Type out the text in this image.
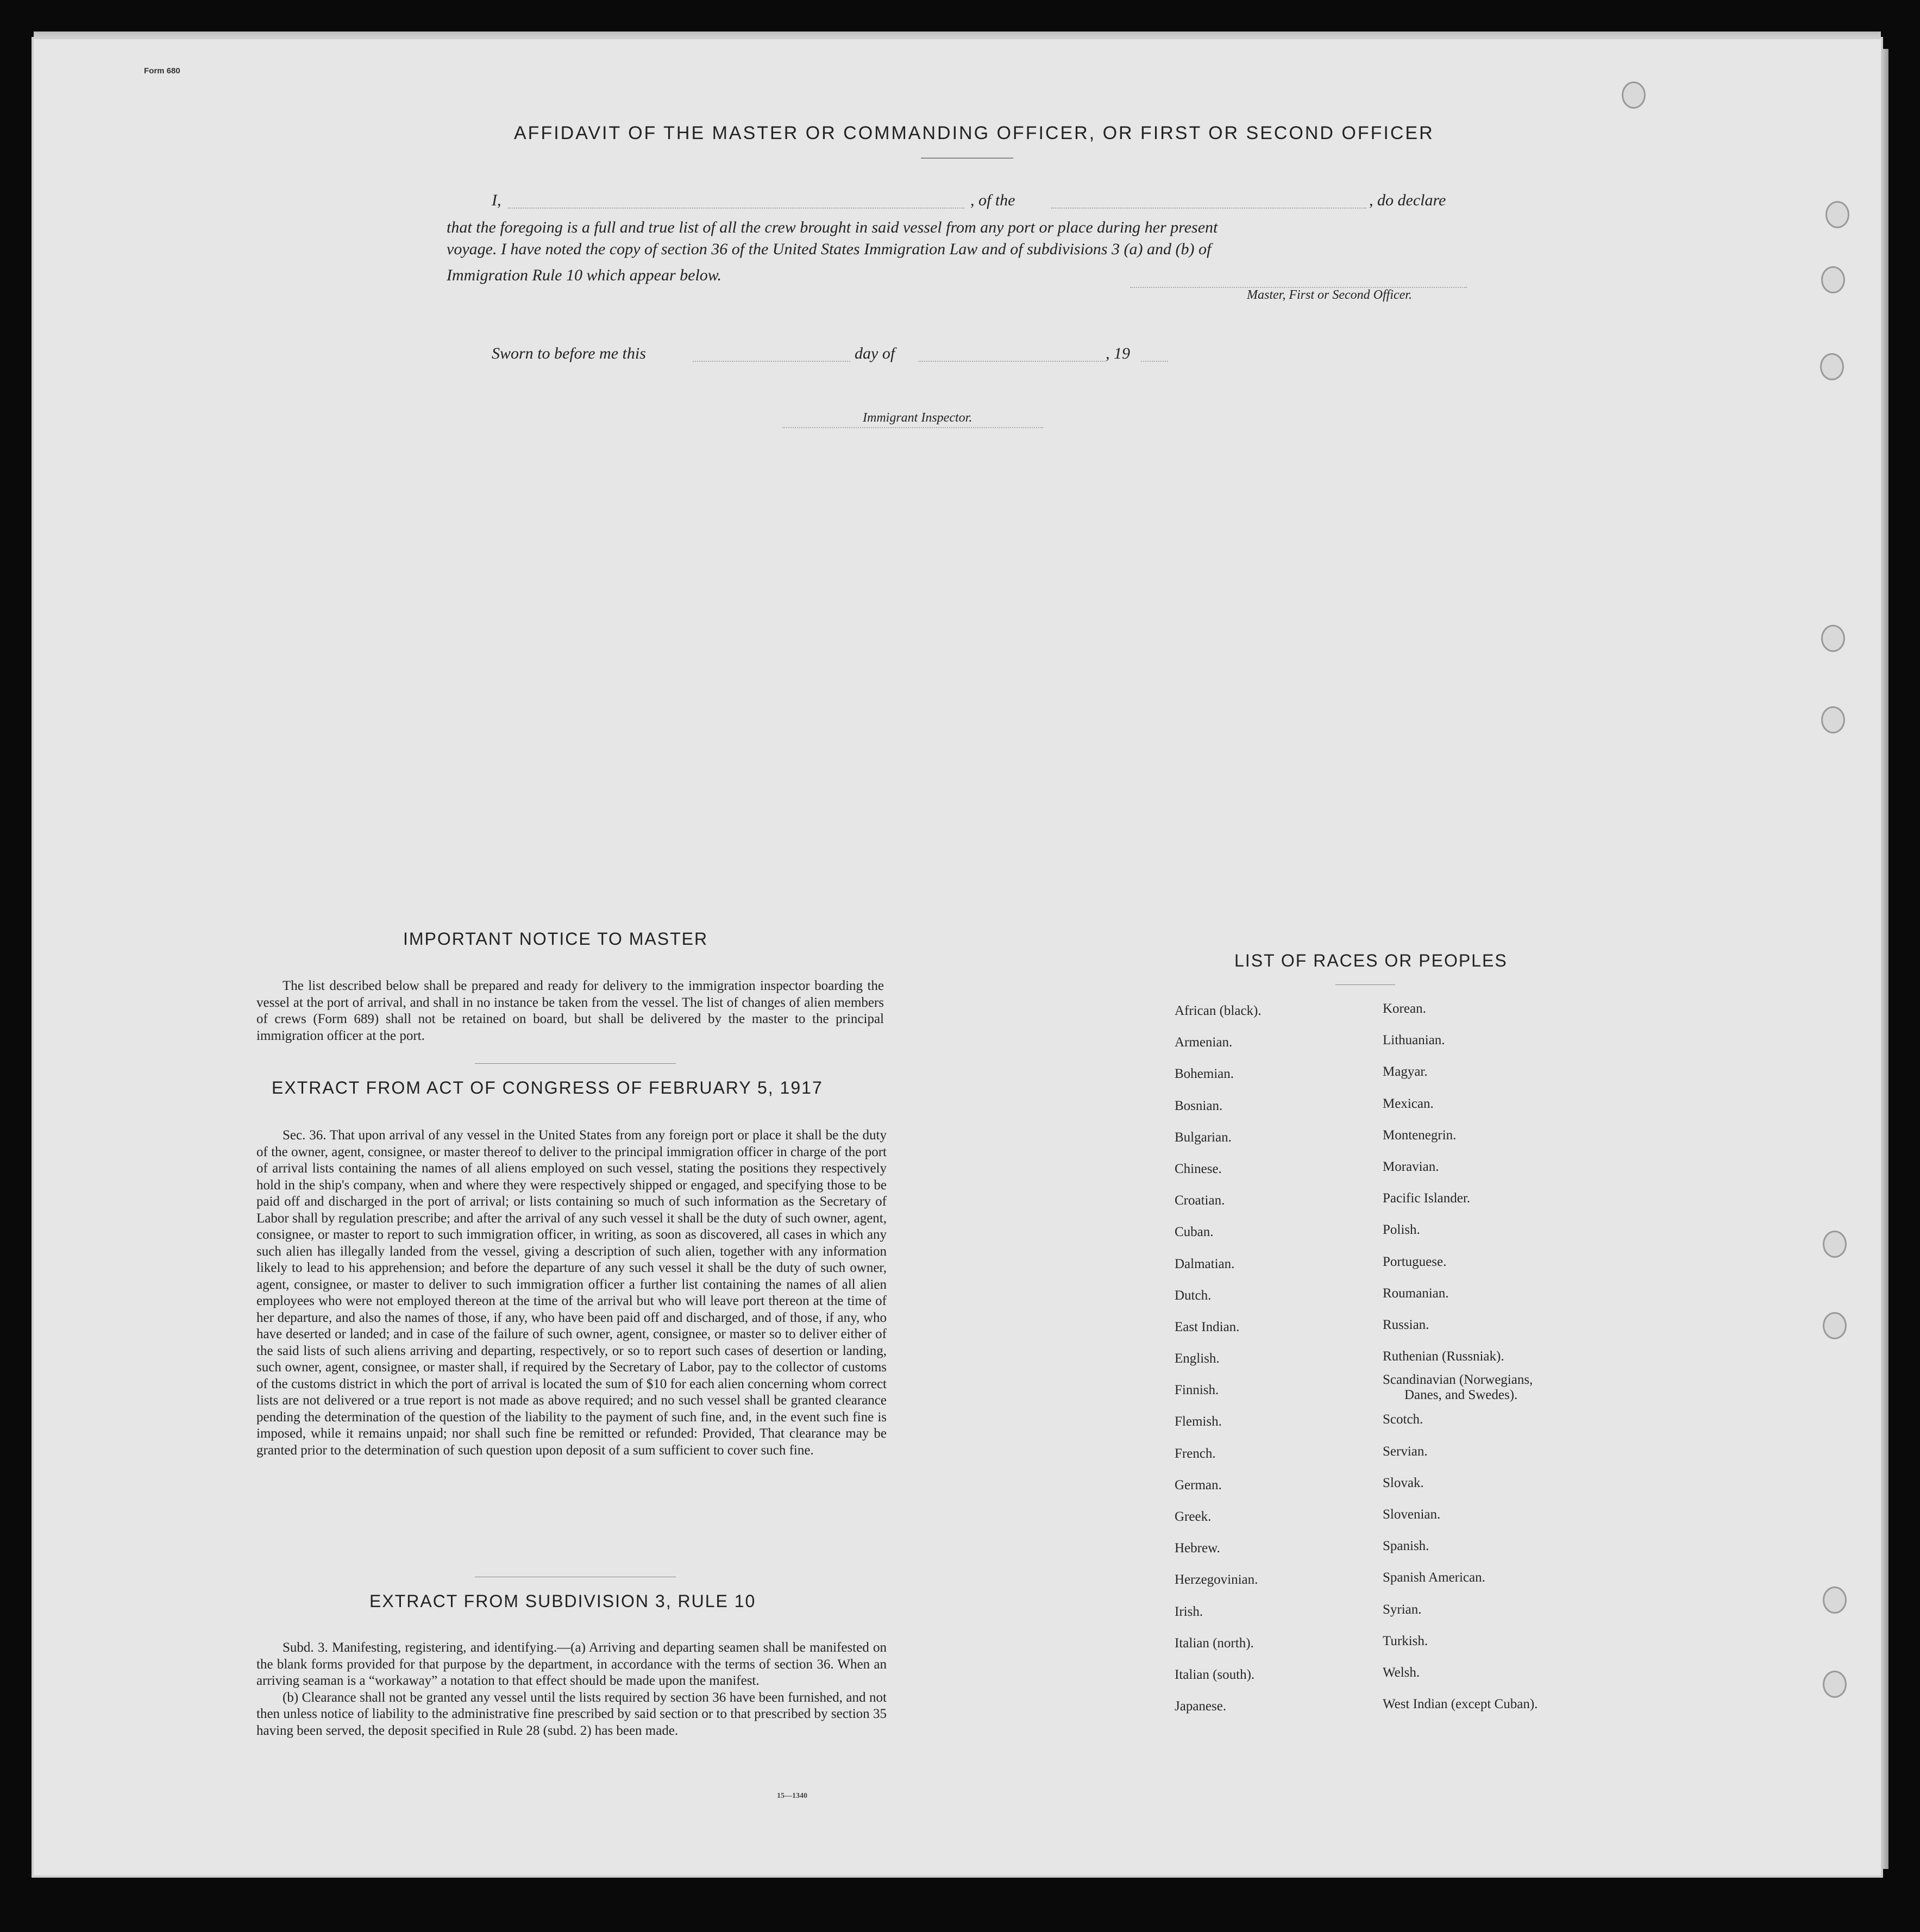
Form 680
AFFIDAVIT OF THE MASTER OR COMMANDING OFFICER, OR FIRST OR SECOND OFFICER
I,	, of the	, do declare
that the foregoing is a full and true list of all the crew brought in said vessel from any port or place during her present
voyage. I have noted the copy of section 36 of the United States Immigration Law and of subdivisions 3 (a) and (b) of
Immigration Rule 10 which appear below.
Master, First or Second Officer.
Sworn to before me this	day of	, 19
Immigrant Inspector.
IMPORTANT NOTICE TO MASTER

The list described below shall be prepared and ready for delivery to the immigration inspector boarding the vessel at the port of arrival, and shall in no instance be taken from the vessel. The list of changes of alien members of crews (Form 689) shall not be retained on board, but shall be delivered by the master to the principal immigration officer at the port.

EXTRACT FROM ACT OF CONGRESS OF FEBRUARY 5, 1917

Sec. 36. That upon arrival of any vessel in the United States from any foreign port or place it shall be the duty of the owner, agent, consignee, or master thereof to deliver to the principal immigration officer in charge of the port of arrival lists containing the names of all aliens employed on such vessel, stating the positions they respectively hold in the ship's company, when and where they were respectively shipped or engaged, and specifying those to be paid off and discharged in the port of arrival; or lists containing so much of such information as the Secretary of Labor shall by regulation prescribe; and after the arrival of any such vessel it shall be the duty of such owner, agent, consignee, or master to report to such immigration officer, in writing, as soon as discovered, all cases in which any such alien has illegally landed from the vessel, giving a description of such alien, together with any information likely to lead to his apprehension; and before the departure of any such vessel it shall be the duty of such owner, agent, consignee, or master to deliver to such immigration officer a further list containing the names of all alien employees who were not employed thereon at the time of the arrival but who will leave port thereon at the time of her departure, and also the names of those, if any, who have been paid off and discharged, and of those, if any, who have deserted or landed; and in case of the failure of such owner, agent, consignee, or master so to deliver either of the said lists of such aliens arriving and departing, respectively, or so to report such cases of desertion or landing, such owner, agent, consignee, or master shall, if required by the Secretary of Labor, pay to the collector of customs of the customs district in which the port of arrival is located the sum of $10 for each alien concerning whom correct lists are not delivered or a true report is not made as above required; and no such vessel shall be granted clearance pending the determination of the question of the liability to the payment of such fine, and, in the event such fine is imposed, while it remains unpaid; nor shall such fine be remitted or refunded: Provided, That clearance may be granted prior to the determination of such question upon deposit of a sum sufficient to cover such fine.

EXTRACT FROM SUBDIVISION 3, RULE 10

Subd. 3. Manifesting, registering, and identifying.—(a) Arriving and departing seamen shall be manifested on the blank forms provided for that purpose by the department, in accordance with the terms of section 36. When an arriving seaman is a “workaway” a notation to that effect should be made upon the manifest.

(b) Clearance shall not be granted any vessel until the lists required by section 36 have been furnished, and not then unless notice of liability to the administrative fine prescribed by said section or to that prescribed by section 35 having been served, the deposit specified in Rule 28 (subd. 2) has been made.

15—1340
LIST OF RACES OR PEOPLES
African (black).
Armenian.
Bohemian.
Bosnian.
Bulgarian.
Chinese.
Croatian.
Cuban.
Dalmatian.
Dutch.
East Indian.
English.
Finnish.
Flemish.
French.
German.
Greek.
Hebrew.
Herzegovinian.
Irish.
Italian (north).
Italian (south).
Japanese.
Korean.
Lithuanian.
Magyar.
Mexican.
Montenegrin.
Moravian.
Pacific Islander.
Polish.
Portuguese.
Roumanian.
Russian.
Ruthenian (Russniak).
Scandinavian (Norwegians,
Danes, and Swedes).
Scotch.
Servian.
Slovak.
Slovenian.
Spanish.
Spanish American.
Syrian.
Turkish.
Welsh.
West Indian (except Cuban).
